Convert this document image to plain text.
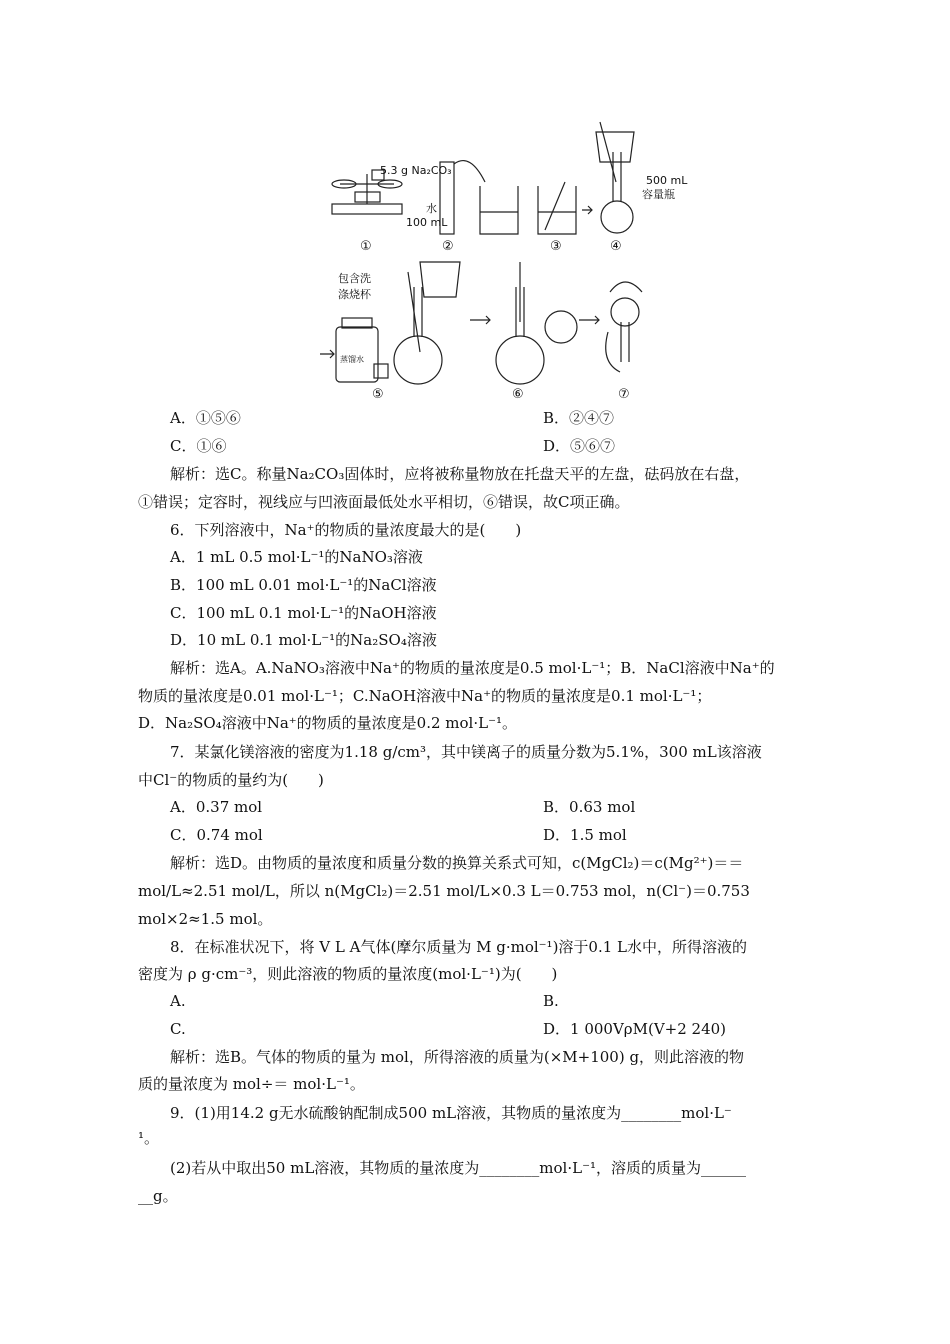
5.3 g Na₂CO₃
水
100 mL
500 mL
容量瓶
包含洗
涤烧杯
蒸馏水
①	②	③	④
⑤	⑥	⑦
A．①⑤⑥	B．②④⑦
C．①⑥	D．⑤⑥⑦
解析：选C。称量Na₂CO₃固体时，应将被称量物放在托盘天平的左盘，砝码放在右盘，
①错误；定容时，视线应与凹液面最低处水平相切，⑥错误，故C项正确。
6．下列溶液中，Na⁺的物质的量浓度最大的是(　　)
A．1 mL 0.5 mol·L⁻¹的NaNO₃溶液
B．100 mL 0.01 mol·L⁻¹的NaCl溶液
C．100 mL 0.1 mol·L⁻¹的NaOH溶液
D．10 mL 0.1 mol·L⁻¹的Na₂SO₄溶液
解析：选A。A.NaNO₃溶液中Na⁺的物质的量浓度是0.5 mol·L⁻¹；B．NaCl溶液中Na⁺的
物质的量浓度是0.01 mol·L⁻¹；C.NaOH溶液中Na⁺的物质的量浓度是0.1 mol·L⁻¹；
D．Na₂SO₄溶液中Na⁺的物质的量浓度是0.2 mol·L⁻¹。
7．某氯化镁溶液的密度为1.18 g/cm³，其中镁离子的质量分数为5.1%，300 mL该溶液
中Cl⁻的物质的量约为(　　)
A．0.37 mol	B．0.63 mol
C．0.74 mol	D．1.5 mol
解析：选D。由物质的量浓度和质量分数的换算关系式可知，c(MgCl₂)＝c(Mg²⁺)＝＝
mol/L≈2.51 mol/L，所以 n(MgCl₂)＝2.51 mol/L×0.3 L＝0.753 mol，n(Cl⁻)＝0.753
mol×2≈1.5 mol。
8．在标准状况下，将 V L A气体(摩尔质量为 M g·mol⁻¹)溶于0.1 L水中，所得溶液的
密度为 ρ g·cm⁻³，则此溶液的物质的量浓度(mol·L⁻¹)为(　　)
A.	B.
C.	D．1 000VρM(V+2 240)
解析：选B。气体的物质的量为 mol，所得溶液的质量为(×M+100) g，则此溶液的物
质的量浓度为 mol÷＝ mol·L⁻¹。
9．(1)用14.2 g无水硫酸钠配制成500 mL溶液，其物质的量浓度为________mol·L⁻
¹。
(2)若从中取出50 mL溶液，其物质的量浓度为________mol·L⁻¹，溶质的质量为______
__g。
